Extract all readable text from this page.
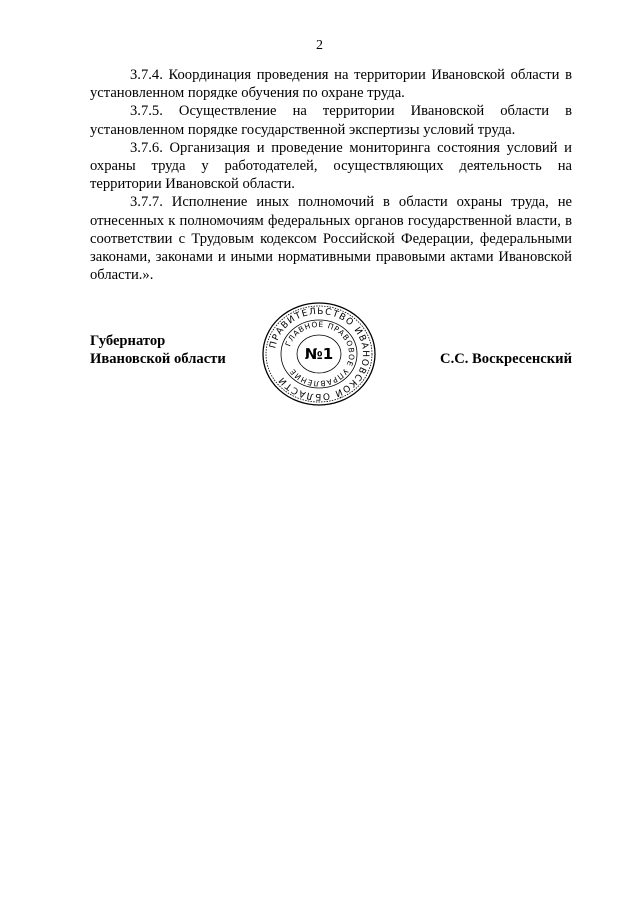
2

3.7.4. Координация проведения на территории Ивановской области в установленном порядке обучения по охране труда.

3.7.5. Осуществление на территории Ивановской области в установленном порядке государственной экспертизы условий труда.

3.7.6. Организация и проведение мониторинга состояния условий и охраны труда у работодателей, осуществляющих деятельность на территории Ивановской области.

3.7.7. Исполнение иных полномочий в области охраны труда, не отнесенных к полномочиям федеральных органов государственной власти, в соответствии с Трудовым кодексом Российской Федерации, федеральными законами, законами и иными нормативными правовыми актами Ивановской области.».

Губернатор
Ивановской области
ПРАВИТЕЛЬСТВО ИВАНОВСКОЙ ОБЛАСТИ
ГЛАВНОЕ ПРАВОВОЕ УПРАВЛЕНИЕ
№1	С.С. Воскресенский
